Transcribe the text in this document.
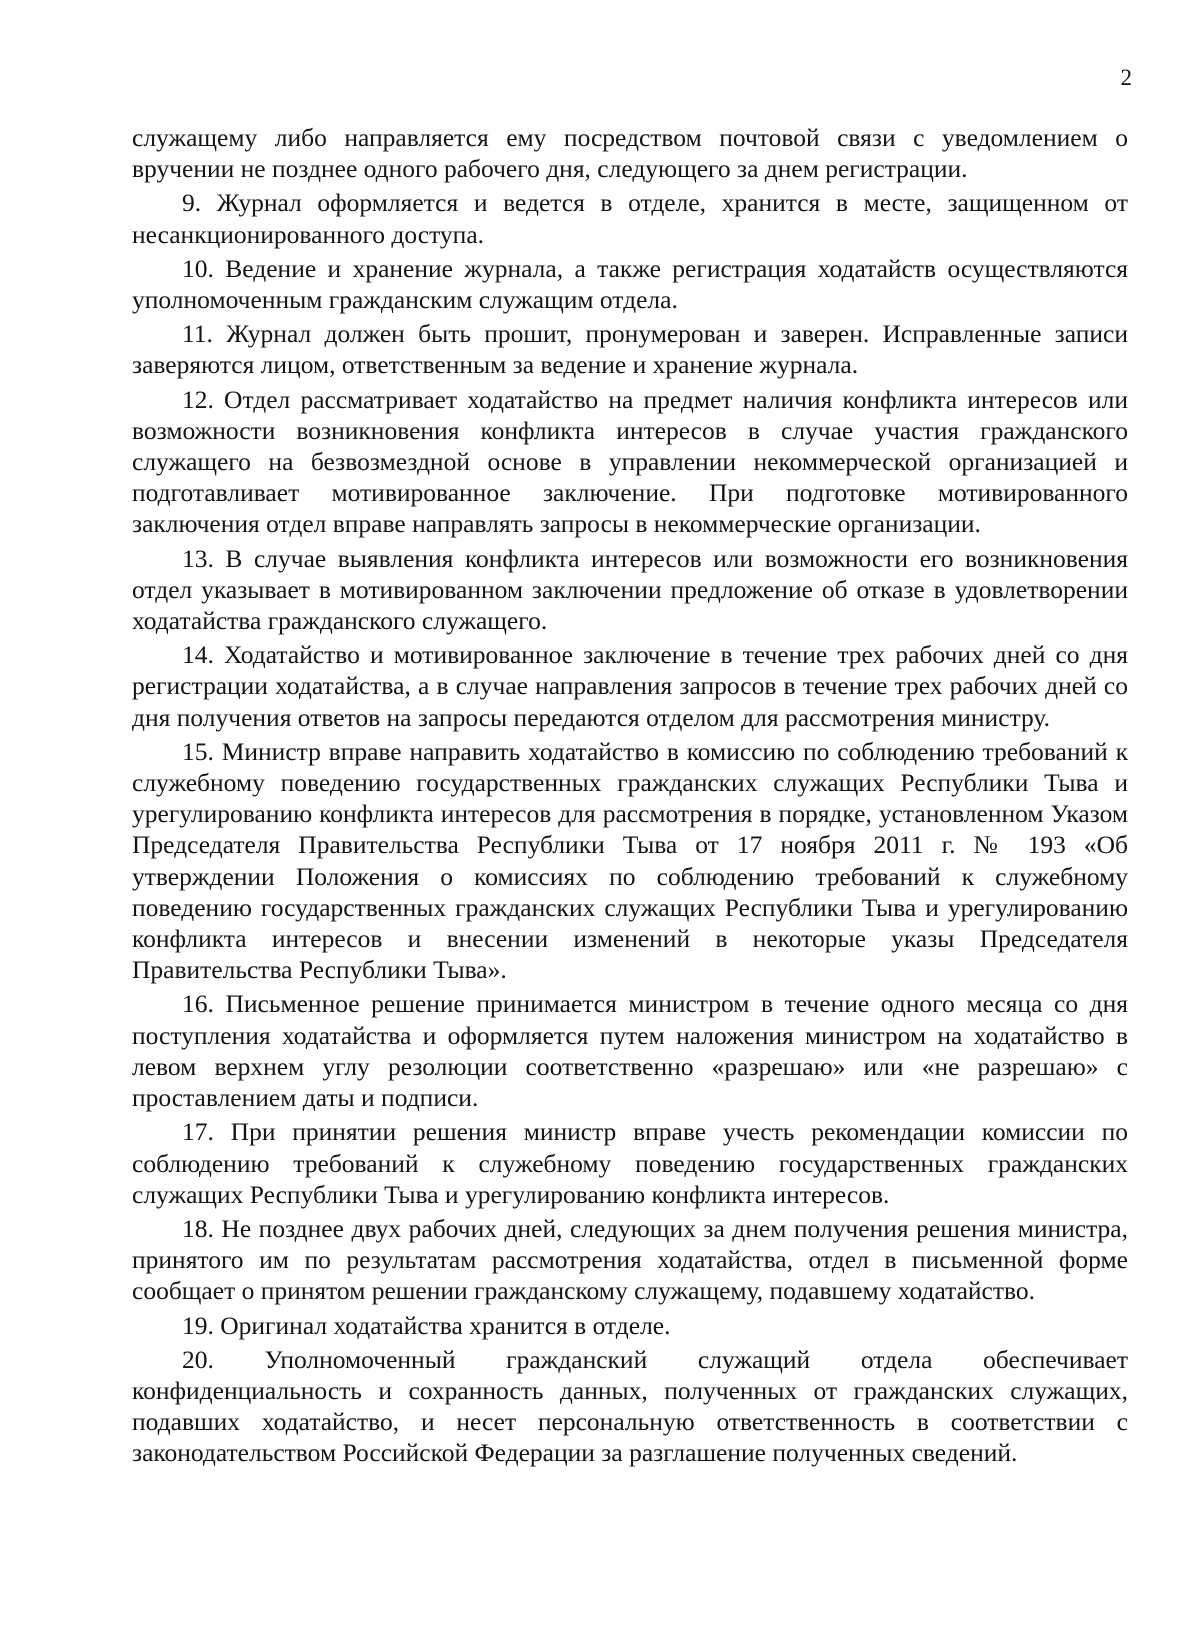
2

служащему либо направляется ему посредством почтовой связи с уведомлением о вручении не позднее одного рабочего дня, следующего за днем регистрации.

9. Журнал оформляется и ведется в отделе, хранится в месте, защищенном от несанкционированного доступа.

10. Ведение и хранение журнала, а также регистрация ходатайств осуществляются уполномоченным гражданским служащим отдела.

11. Журнал должен быть прошит, пронумерован и заверен. Исправленные записи заверяются лицом, ответственным за ведение и хранение журнала.

12. Отдел рассматривает ходатайство на предмет наличия конфликта интересов или возможности возникновения конфликта интересов в случае участия гражданского служащего на безвозмездной основе в управлении некоммерческой организацией и подготавливает мотивированное заключение. При подготовке мотивированного заключения отдел вправе направлять запросы в некоммерческие организации.

13. В случае выявления конфликта интересов или возможности его возникновения отдел указывает в мотивированном заключении предложение об отказе в удовлетворении ходатайства гражданского служащего.

14. Ходатайство и мотивированное заключение в течение трех рабочих дней со дня регистрации ходатайства, а в случае направления запросов в течение трех рабочих дней со дня получения ответов на запросы передаются отделом для рассмотрения министру.

15. Министр вправе направить ходатайство в комиссию по соблюдению требований к служебному поведению государственных гражданских служащих Республики Тыва и урегулированию конфликта интересов для рассмотрения в порядке, установленном Указом Председателя Правительства Республики Тыва от 17 ноября 2011 г. № 193 «Об утверждении Положения о комиссиях по соблюдению требований к служебному поведению государственных гражданских служащих Республики Тыва и урегулированию конфликта интересов и внесении изменений в некоторые указы Председателя Правительства Республики Тыва».

16. Письменное решение принимается министром в течение одного месяца со дня поступления ходатайства и оформляется путем наложения министром на ходатайство в левом верхнем углу резолюции соответственно «разрешаю» или «не разрешаю» с проставлением даты и подписи.

17. При принятии решения министр вправе учесть рекомендации комиссии по соблюдению требований к служебному поведению государственных гражданских служащих Республики Тыва и урегулированию конфликта интересов.

18. Не позднее двух рабочих дней, следующих за днем получения решения министра, принятого им по результатам рассмотрения ходатайства, отдел в письменной форме сообщает о принятом решении гражданскому служащему, подавшему ходатайство.

19. Оригинал ходатайства хранится в отделе.

20. Уполномоченный гражданский служащий отдела обеспечивает конфиденциальность и сохранность данных, полученных от гражданских служащих, подавших ходатайство, и несет персональную ответственность в соответствии с законодательством Российской Федерации за разглашение полученных сведений.
